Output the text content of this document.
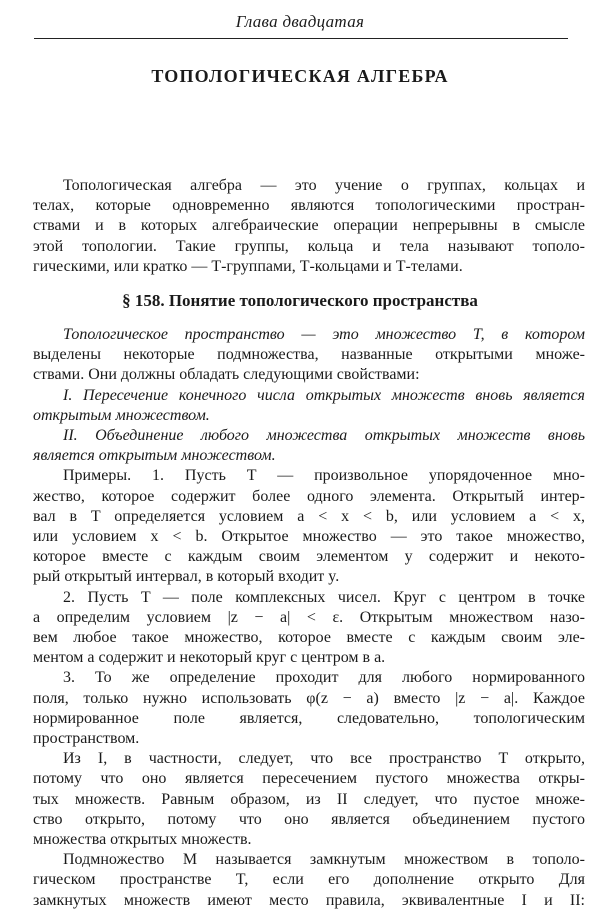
Глава двадцатая
ТОПОЛОГИЧЕСКАЯ АЛГЕБРА
Топологическая алгебра — это учение о группах, кольцах и
телах, которые одновременно являются топологическими простран-
ствами и в которых алгебраические операции непрерывны в смысле
этой топологии. Такие группы, кольца и тела называют тополо-
гическими, или кратко — Т-группами, Т-кольцами и Т-телами.
§ 158. Понятие топологического пространства
Топологическое пространство — это множество T, в котором
выделены некоторые подмножества, названные открытыми множе-
ствами. Они должны обладать следующими свойствами:
I. Пересечение конечного числа открытых множеств вновь является
открытым множеством.
II. Объединение любого множества открытых множеств вновь
является открытым множеством.
Примеры. 1. Пусть T — произвольное упорядоченное мно-
жество, которое содержит более одного элемента. Открытый интер-
вал в T определяется условием a < x < b, или условием a < x,
или условием x < b. Открытое множество — это такое множество,
которое вместе с каждым своим элементом y содержит и некото-
рый открытый интервал, в который входит y.
2. Пусть T — поле комплексных чисел. Круг с центром в точке
a определим условием |z − a| < ε. Открытым множеством назо-
вем любое такое множество, которое вместе с каждым своим эле-
ментом a содержит и некоторый круг с центром в a.
3. То же определение проходит для любого нормированного
поля, только нужно использовать φ(z − a) вместо |z − a|. Каждое
нормированное поле является, следовательно, топологическим
пространством.
Из I, в частности, следует, что все пространство T открыто,
потому что оно является пересечением пустого множества откры-
тых множеств. Равным образом, из II следует, что пустое множе-
ство открыто, потому что оно является объединением пустого
множества открытых множеств.
Подмножество M называется замкнутым множеством в тополо-
гическом пространстве T, если его дополнение открыто Для
замкнутых множеств имеют место правила, эквивалентные I и II:
